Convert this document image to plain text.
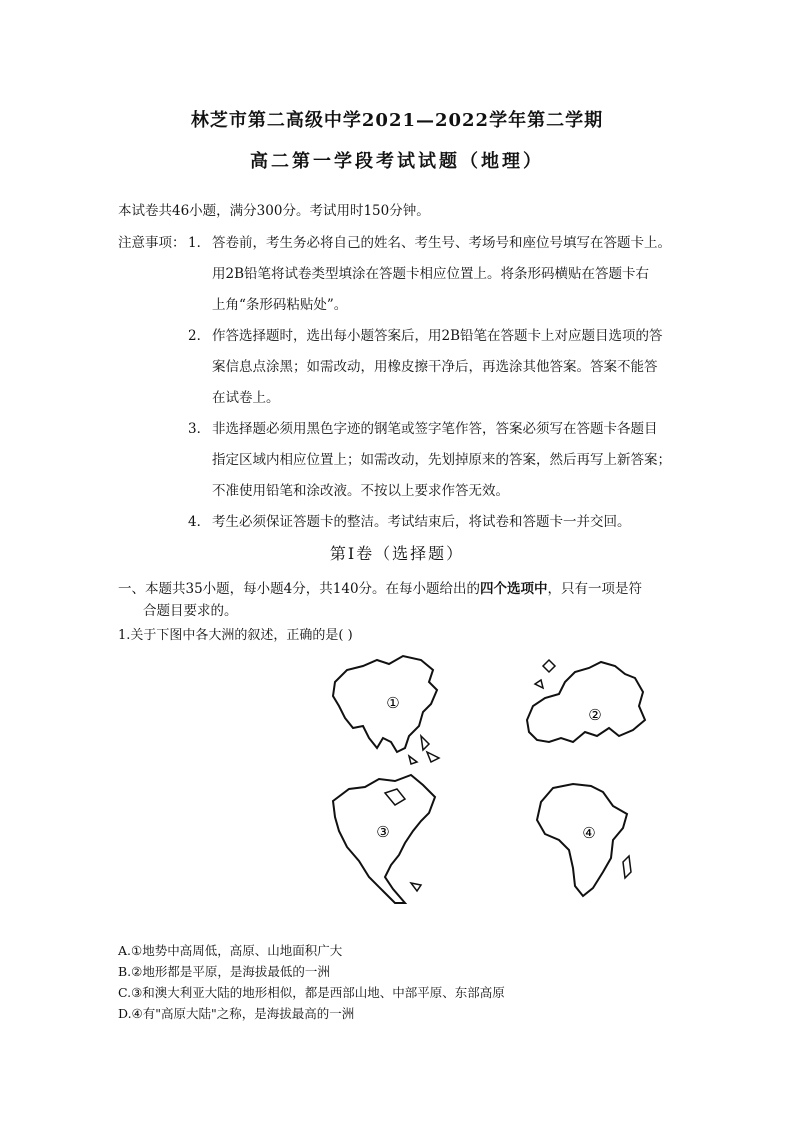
林芝市第二高级中学2021—2022学年第二学期
高二第一学段考试试题（地理）
本试卷共46小题，满分300分。考试用时150分钟。
注意事项： 1． 答卷前，考生务必将自己的姓名、考生号、考场号和座位号填写在答题卡上。
用2B铅笔将试卷类型填涂在答题卡相应位置上。将条形码横贴在答题卡右
上角“条形码粘贴处”。
2． 作答选择题时，选出每小题答案后，用2B铅笔在答题卡上对应题目选项的答
案信息点涂黑；如需改动，用橡皮擦干净后，再选涂其他答案。答案不能答
在试卷上。
3． 非选择题必须用黑色字迹的钢笔或签字笔作答，答案必须写在答题卡各题目
指定区域内相应位置上；如需改动，先划掉原来的答案，然后再写上新答案；
不准使用铅笔和涂改液。不按以上要求作答无效。
4． 考生必须保证答题卡的整洁。考试结束后，将试卷和答题卡一并交回。
第Ⅰ卷（选择题）
一、本题共35小题，每小题4分，共140分。在每小题给出的四个选项中，只有一项是符
合题目要求的。
1.关于下图中各大洲的叙述，正确的是( )
①
②
③	④
A.①地势中高周低，高原、山地面积广大
B.②地形都是平原，是海拔最低的一洲
C.③和澳大利亚大陆的地形相似，都是西部山地、中部平原、东部高原
D.④有"高原大陆"之称，是海拔最高的一洲
